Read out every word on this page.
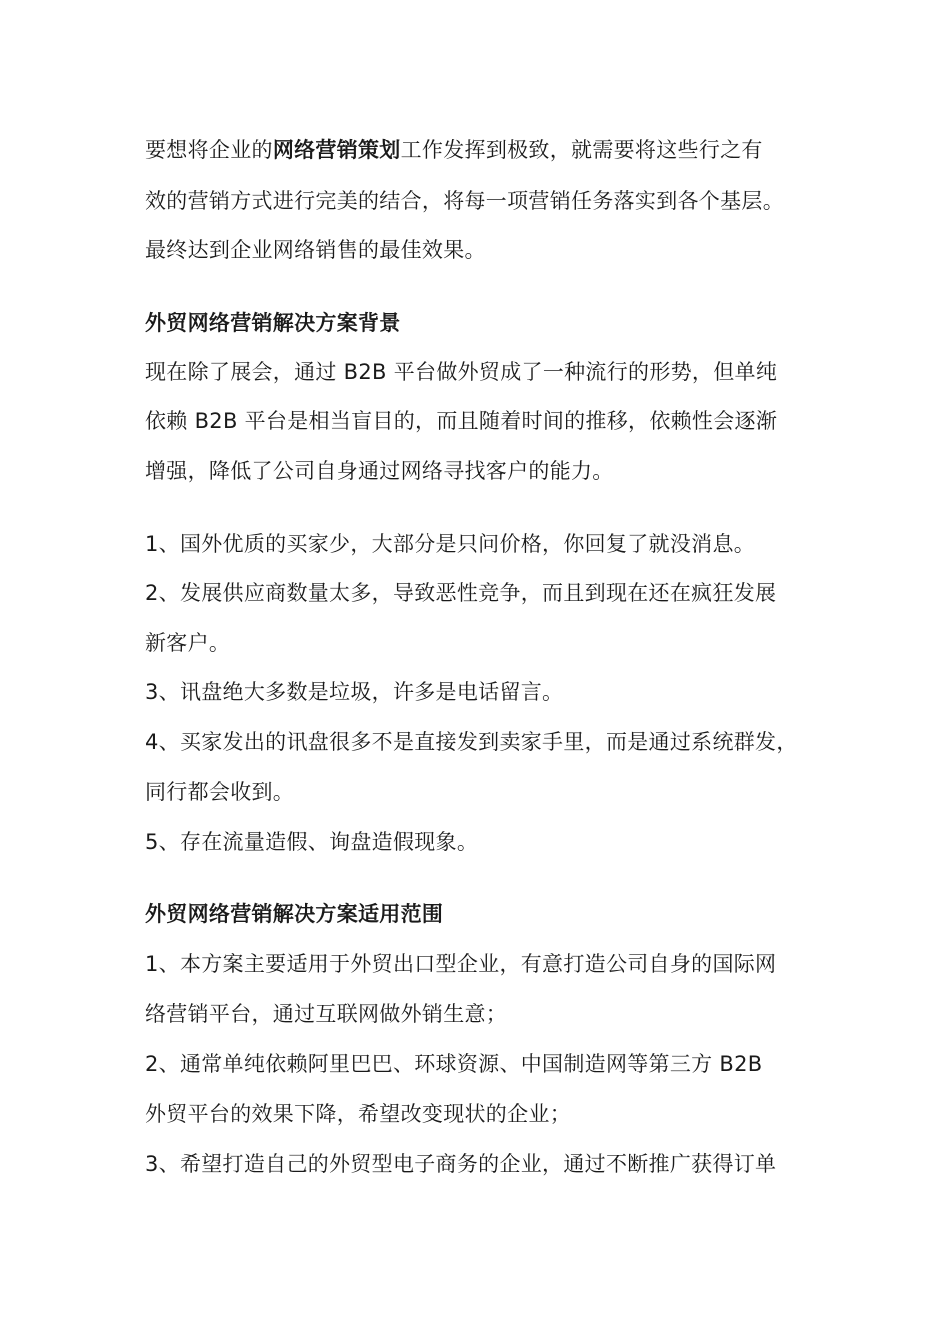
要想将企业的网络营销策划工作发挥到极致，就需要将这些行之有
效的营销方式进行完美的结合，将每一项营销任务落实到各个基层。
最终达到企业网络销售的最佳效果。
外贸网络营销解决方案背景
现在除了展会，通过 B2B 平台做外贸成了一种流行的形势，但单纯
依赖 B2B 平台是相当盲目的，而且随着时间的推移，依赖性会逐渐
增强，降低了公司自身通过网络寻找客户的能力。
1、国外优质的买家少，大部分是只问价格，你回复了就没消息。
2、发展供应商数量太多，导致恶性竞争，而且到现在还在疯狂发展
新客户。
3、讯盘绝大多数是垃圾，许多是电话留言。
4、买家发出的讯盘很多不是直接发到卖家手里，而是通过系统群发，
同行都会收到。
5、存在流量造假、询盘造假现象。
外贸网络营销解决方案适用范围
1、本方案主要适用于外贸出口型企业，有意打造公司自身的国际网
络营销平台，通过互联网做外销生意；
2、通常单纯依赖阿里巴巴、环球资源、中国制造网等第三方 B2B
外贸平台的效果下降，希望改变现状的企业；
3、希望打造自己的外贸型电子商务的企业，通过不断推广获得订单
